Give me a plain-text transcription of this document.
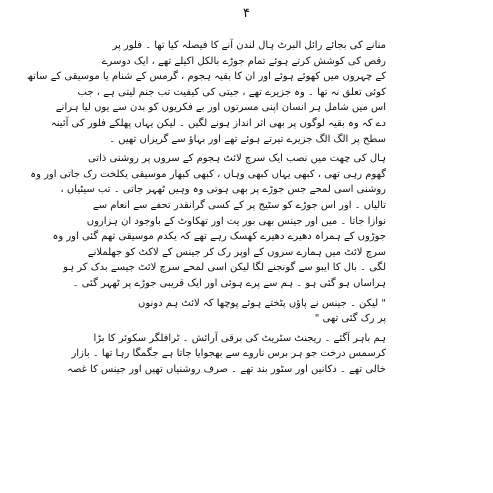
۴
منانے کی بجائے رائل البرٹ ہال لندن آنے کا فیصلہ کیا تھا ۔ فلور پر
رقص کی کوشش کرتے ہوئے تمام جوڑے بالکل اکیلے تھے ، ایک دوسرے
کے چہروں میں کھوئے ہوئے اور ان کا بقیہ ہجوم ، گرمس کے شنام یا موسیقی کے ساتھ
کوئی تعلق نہ تھا ۔ وہ جزیرے تھے ، جیتی کی کیفیت تب جنم لیتی ہے ، جب
اس میں شامل ہر انسان اپنی مسرتوں اور بے فکریوں کو بدن سے یوں لیا ہرانے
دے کہ وہ بقیہ لوگوں پر بھی اثر انداز ہونے لگیں ۔ لیکن یہاں پھلکے فلور کی آئینہ
سطح پر الگ الگ جزیرے تیرتے ہوئے تھے اور بہاؤ سے گریزاں تھیں ۔
ہال کی چھت میں نصب ایک سرچ لائٹ ہجوم کے سروں پر روشنی ذاتی
گھوم رہی تھی ، کبھی یہاں کبھی وہاں ، کبھی کبھار موسیقی یکلخت رک جاتی اور وہ
روشنی اسی لمحے جس جوڑے پر بھی ہوتی وہ وہیں ٹھہر جاتی ۔ تب سیٹیاں ،
تالیاں ۔ اور اس جوڑے کو سٹیج پر کے کسی گرانقدر تحفے سے انعام سے
نوازا جاتا ۔ میں اور جینس بھی بور یت اور تھکاوٹ کے باوجود ان ہزاروں
جوڑوں کے ہمراہ دھیرے دھیرے کھسک رہے تھے کہ یکدم موسیقی تھم گئی اور وہ
سرچ لائٹ میں ہمارے سروں کے اوپر رک کر جینس کے لاکٹ کو جھلملانے
لگی ۔ بال کا ایبو سے گونجنے لگا لیکن اسی لمحے سرچ لائٹ جیسے بدک کر ہو
ہراساں ہو گئی ہو ۔ ہم سے پرے ہوئی اور ایک قریبی جوڑے پر ٹھہر گئی ۔
" لیکن ۔ جینس نے پاؤں پٹختے ہوئے پوچھا کہ لائٹ ہم دونوں
پر رک گئی تھی "
ہم باہر آگئے ۔ ریجنٹ سٹریٹ کی برقی آرائش ۔ ٹرافلگر سکوئر کا بڑا
کرسمس درخت جو ہر برس ناروے سے بھجوایا جاتا ہے جگمگا رہا تھا ۔ بازار
خالی تھے ۔ دکانیں اور سٹور بند تھے ۔ صرف روشنیاں تھیں اور جینس کا غصہ
